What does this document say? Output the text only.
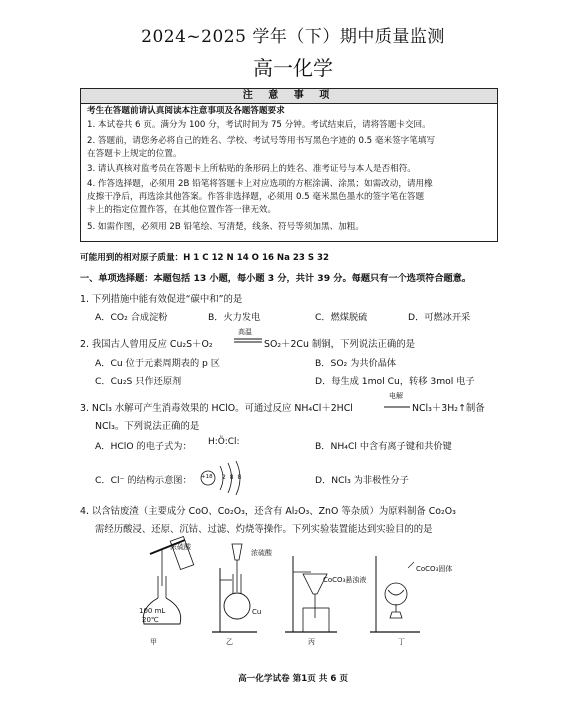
2024~2025 学年（下）期中质量监测
高一化学
注 意 事 项
考生在答题前请认真阅读本注意事项及各题答题要求
1. 本试卷共 6 页。满分为 100 分，考试时间为 75 分钟。考试结束后，请将答题卡交回。
2. 答题前，请您务必将自己的姓名、学校、考试号等用书写黑色字迹的 0.5 毫米签字笔填写
在答题卡上规定的位置。
3. 请认真核对监考员在答题卡上所粘贴的条形码上的姓名、准考证号与本人是否相符。
4. 作答选择题，必须用 2B 铅笔将答题卡上对应选项的方框涂满、涂黑；如需改动，请用橡
皮擦干净后，再选涂其他答案。作答非选择题，必须用 0.5 毫米黑色墨水的签字笔在答题
卡上的指定位置作答，在其他位置作答一律无效。
5. 如需作图，必须用 2B 铅笔绘、写清楚，线条、符号等须加黑、加粗。
可能用到的相对原子质量：H 1 C 12 N 14 O 16 Na 23 S 32
一、单项选择题：本题包括 13 小题，每小题 3 分，共计 39 分。每题只有一个选项符合题意。
1. 下列措施中能有效促进“碳中和”的是
A．CO₂ 合成淀粉	B．火力发电	C．燃煤脱硫	D．可燃冰开采
2. 我国古人曾用反应 Cu₂S＋O₂
高温
SO₂＋2Cu 制铜，下列说法正确的是
A．Cu 位于元素周期表的 p 区	B．SO₂ 为共价晶体
C．Cu₂S 只作还原剂	D．每生成 1mol Cu，转移 3mol 电子
3. NCl₃ 水解可产生消毒效果的 HClO。可通过反应 NH₄Cl＋2HCl
电解
NCl₃＋3H₂↑制备
NCl₃。下列说法正确的是
A．HClO 的电子式为： H:Ö:Cl:	B．NH₄Cl 中含有离子键和共价键
C．Cl⁻ 的结构示意图： +18 2 8 8	D．NCl₃ 为非极性分子
4. 以含钴废渣（主要成分 CoO、Co₂O₃，还含有 Al₂O₃、ZnO 等杂质）为原料制备 Co₂O₃
需经历酸浸、还原、沉钴、过滤、灼烧等操作。下列实验装置能达到实验目的的是
浓硫酸
100 mL
20℃
浓硫酸
Cu
CoCO₃悬浊液
CoCO₃固体
甲	乙	丙	丁
高一化学试卷 第1页 共 6 页
